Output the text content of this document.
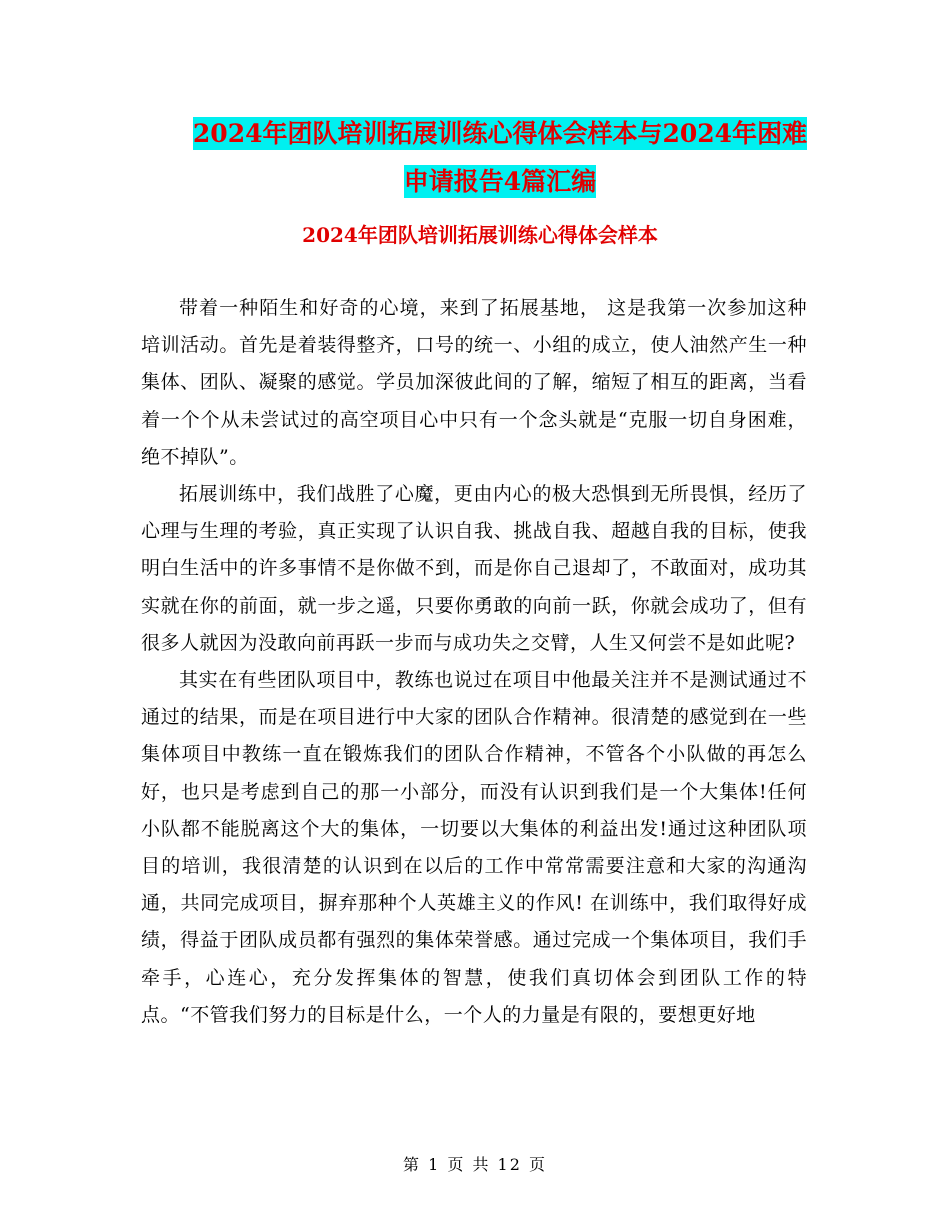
2024年团队培训拓展训练心得体会样本与2024年困难
申请报告4篇汇编
2024年团队培训拓展训练心得体会样本

带着一种陌生和好奇的心境，来到了拓展基地， 这是我第一次参加这种培训活动。首先是着装得整齐，口号的统一、小组的成立，使人油然产生一种集体、团队、凝聚的感觉。学员加深彼此间的了解，缩短了相互的距离，当看着一个个从未尝试过的高空项目心中只有一个念头就是“克服一切自身困难，绝不掉队”。

拓展训练中，我们战胜了心魔，更由内心的极大恐惧到无所畏惧，经历了心理与生理的考验，真正实现了认识自我、挑战自我、超越自我的目标，使我明白生活中的许多事情不是你做不到，而是你自己退却了，不敢面对，成功其实就在你的前面，就一步之遥，只要你勇敢的向前一跃，你就会成功了，但有很多人就因为没敢向前再跃一步而与成功失之交臂，人生又何尝不是如此呢?

其实在有些团队项目中，教练也说过在项目中他最关注并不是测试通过不通过的结果，而是在项目进行中大家的团队合作精神。很清楚的感觉到在一些集体项目中教练一直在锻炼我们的团队合作精神，不管各个小队做的再怎么好，也只是考虑到自己的那一小部分，而没有认识到我们是一个大集体!任何小队都不能脱离这个大的集体，一切要以大集体的利益出发!通过这种团队项目的培训，我很清楚的认识到在以后的工作中常常需要注意和大家的沟通沟通，共同完成项目，摒弃那种个人英雄主义的作风! 在训练中，我们取得好成绩，得益于团队成员都有强烈的集体荣誉感。通过完成一个集体项目，我们手牵手，心连心，充分发挥集体的智慧，使我们真切体会到团队工作的特点。“不管我们努力的目标是什么，一个人的力量是有限的，要想更好地

第 1 页 共 12 页
